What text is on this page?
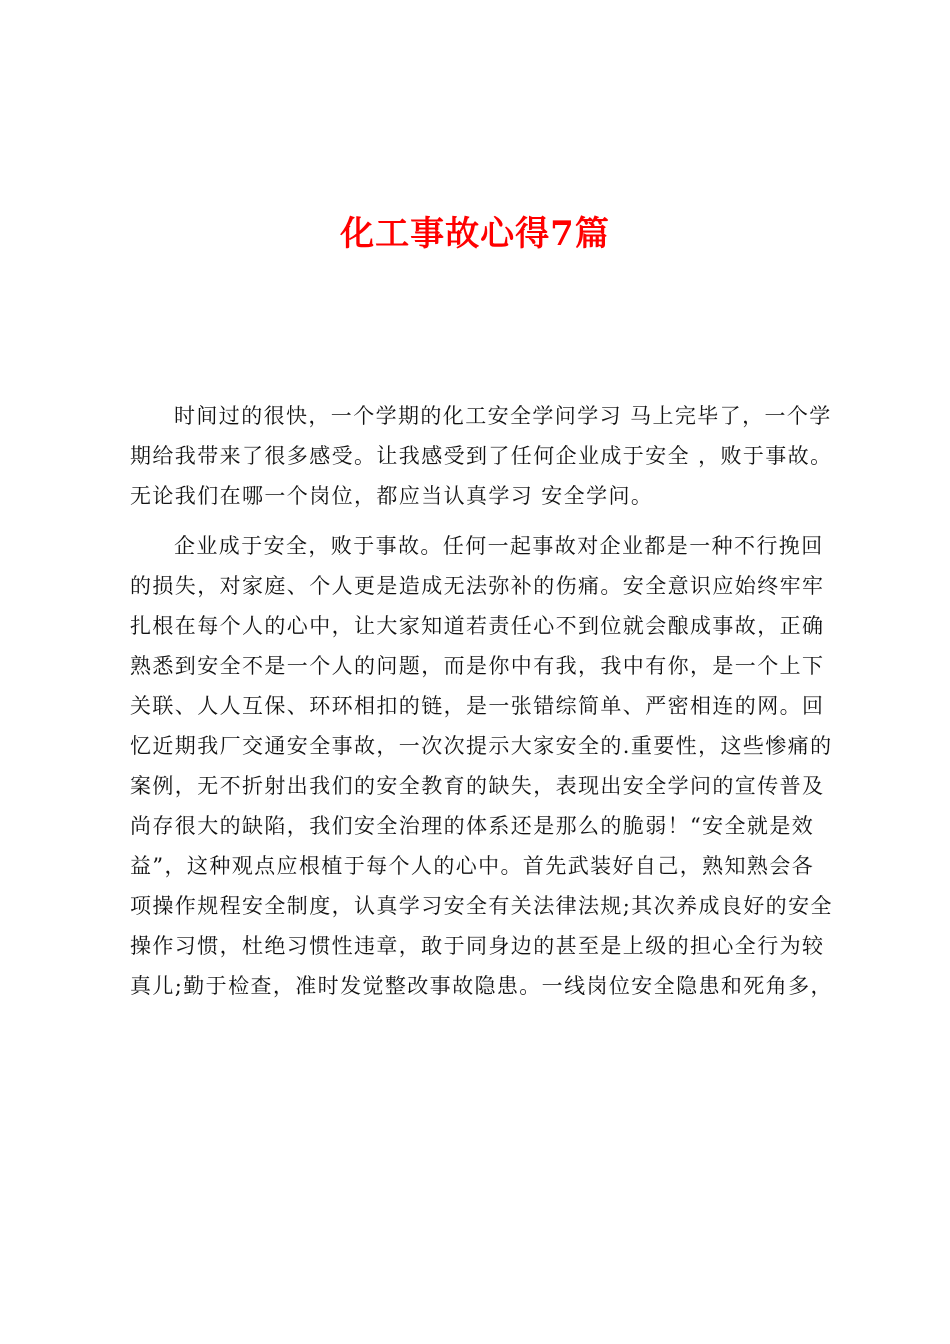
化工事故心得7篇

时间过的很快，一个学期的化工安全学问学习 马上完毕了，一个学
期给我带来了很多感受。让我感受到了任何企业成于安全 ，败于事故。
无论我们在哪一个岗位，都应当认真学习 安全学问。

企业成于安全，败于事故。任何一起事故对企业都是一种不行挽回
的损失，对家庭、个人更是造成无法弥补的伤痛。安全意识应始终牢牢
扎根在每个人的心中，让大家知道若责任心不到位就会酿成事故，正确
熟悉到安全不是一个人的问题，而是你中有我，我中有你，是一个上下
关联、人人互保、环环相扣的链，是一张错综简单、严密相连的网。回
忆近期我厂交通安全事故，一次次提示大家安全的.重要性，这些惨痛的
案例，无不折射出我们的安全教育的缺失，表现出安全学问的宣传普及
尚存很大的缺陷，我们安全治理的体系还是那么的脆弱！“安全就是效
益”，这种观点应根植于每个人的心中。首先武装好自己，熟知熟会各
项操作规程安全制度，认真学习安全有关法律法规;其次养成良好的安全
操作习惯，杜绝习惯性违章，敢于同身边的甚至是上级的担心全行为较
真儿;勤于检查，准时发觉整改事故隐患。一线岗位安全隐患和死角多，
